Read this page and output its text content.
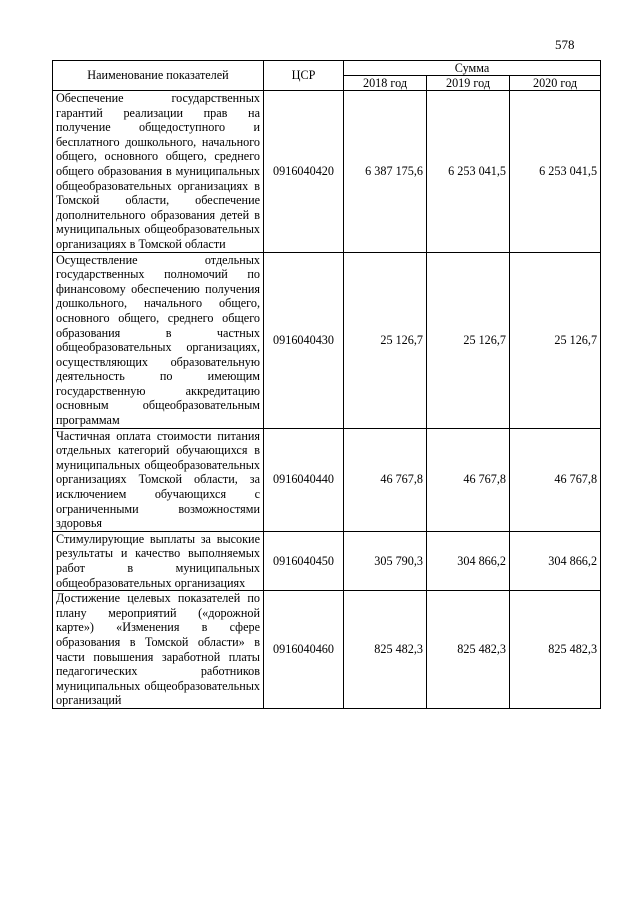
578
Наименование показателей	ЦСР	Сумма		
		2018 год	2019 год	2020 год
Обеспечение государственных гарантий реализации прав на получение общедоступного и бесплатного дошкольного, начального общего, основного общего, среднего общего образования в муниципальных общеобразовательных организациях в Томской области, обеспечение дополнительного образования детей в муниципальных общеобразовательных организациях в Томской области	0916040420	6 387 175,6	6 253 041,5	6 253 041,5
Осуществление отдельных государственных полномочий по финансовому обеспечению получения дошкольного, начального общего, основного общего, среднего общего образования в частных общеобразовательных организациях, осуществляющих образовательную деятельность по имеющим государственную аккредитацию основным общеобразовательным программам	0916040430	25 126,7	25 126,7	25 126,7
Частичная оплата стоимости питания отдельных категорий обучающихся в муниципальных общеобразовательных организациях Томской области, за исключением обучающихся с ограниченными возможностями здоровья	0916040440	46 767,8	46 767,8	46 767,8
Стимулирующие выплаты за высокие результаты и качество выполняемых работ в муниципальных общеобразовательных организациях	0916040450	305 790,3	304 866,2	304 866,2
Достижение целевых показателей по плану мероприятий («дорожной карте») «Изменения в сфере образования в Томской области» в части повышения заработной платы педагогических работников муниципальных общеобразовательных организаций	0916040460	825 482,3	825 482,3	825 482,3
